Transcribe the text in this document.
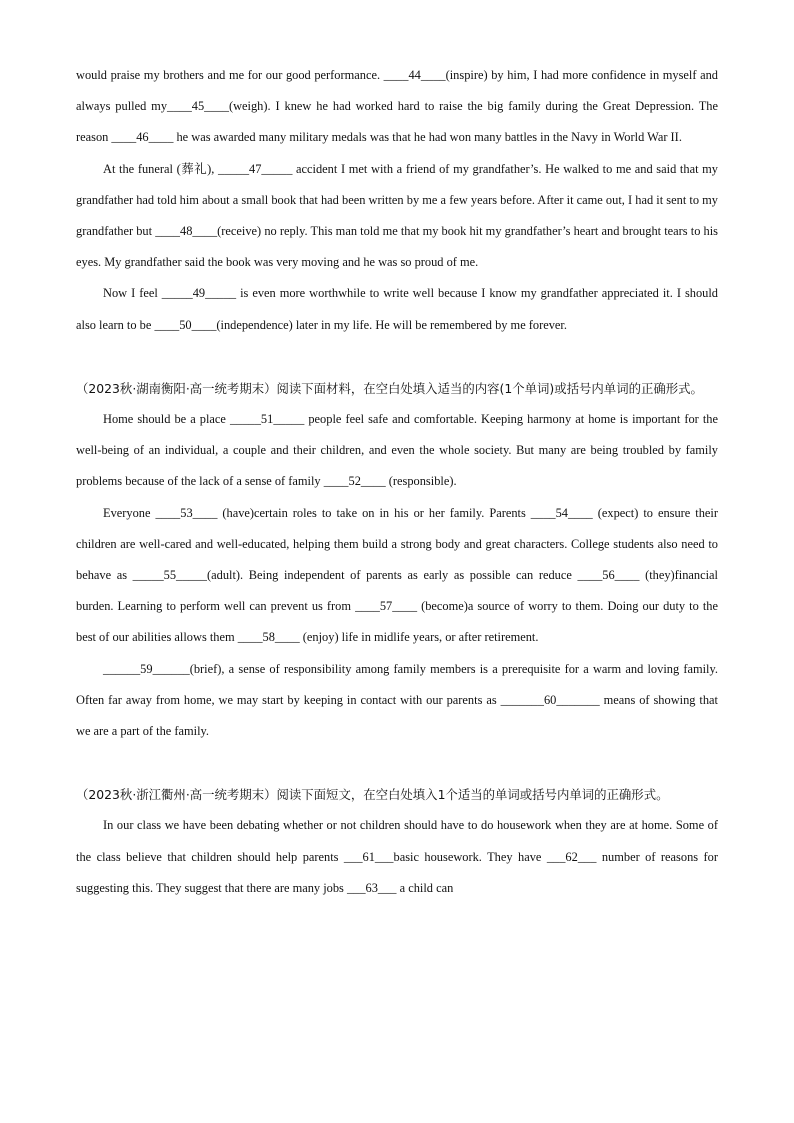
would praise my brothers and me for our good performance. ____44____(inspire) by him, I had more confidence in myself and always pulled my____45____(weigh). I knew he had worked hard to raise the big family during the Great Depression. The reason ____46____ he was awarded many military medals was that he had won many battles in the Navy in World War II.

At the funeral (葬礼), _____47_____ accident I met with a friend of my grandfather’s. He walked to me and said that my grandfather had told him about a small book that had been written by me a few years before. After it came out, I had it sent to my grandfather but ____48____(receive) no reply. This man told me that my book hit my grandfather’s heart and brought tears to his eyes. My grandfather said the book was very moving and he was so proud of me.

Now I feel _____49_____ is even more worthwhile to write well because I know my grandfather appreciated it. I should also learn to be ____50____(independence) later in my life. He will be remembered by me forever.

（2023秋·湖南衡阳·高一统考期末）阅读下面材料，在空白处填入适当的内容(1个单词)或括号内单词的正确形式。

Home should be a place _____51_____ people feel safe and comfortable. Keeping harmony at home is important for the well-being of an individual, a couple and their children, and even the whole society. But many are being troubled by family problems because of the lack of a sense of family ____52____ (responsible).

Everyone ____53____ (have)certain roles to take on in his or her family. Parents ____54____ (expect) to ensure their children are well-cared and well-educated, helping them build a strong body and great characters. College students also need to behave as _____55_____(adult). Being independent of parents as early as possible can reduce ____56____ (they)financial burden. Learning to perform well can prevent us from ____57____ (become)a source of worry to them. Doing our duty to the best of our abilities allows them ____58____ (enjoy) life in midlife years, or after retirement.

______59______(brief), a sense of responsibility among family members is a prerequisite for a warm and loving family. Often far away from home, we may start by keeping in contact with our parents as _______60_______ means of showing that we are a part of the family.

（2023秋·浙江衢州·高一统考期末）阅读下面短文，在空白处填入1个适当的单词或括号内单词的正确形式。

In our class we have been debating whether or not children should have to do housework when they are at home. Some of the class believe that children should help parents ___61___basic housework. They have ___62___ number of reasons for suggesting this. They suggest that there are many jobs ___63___ a child can
